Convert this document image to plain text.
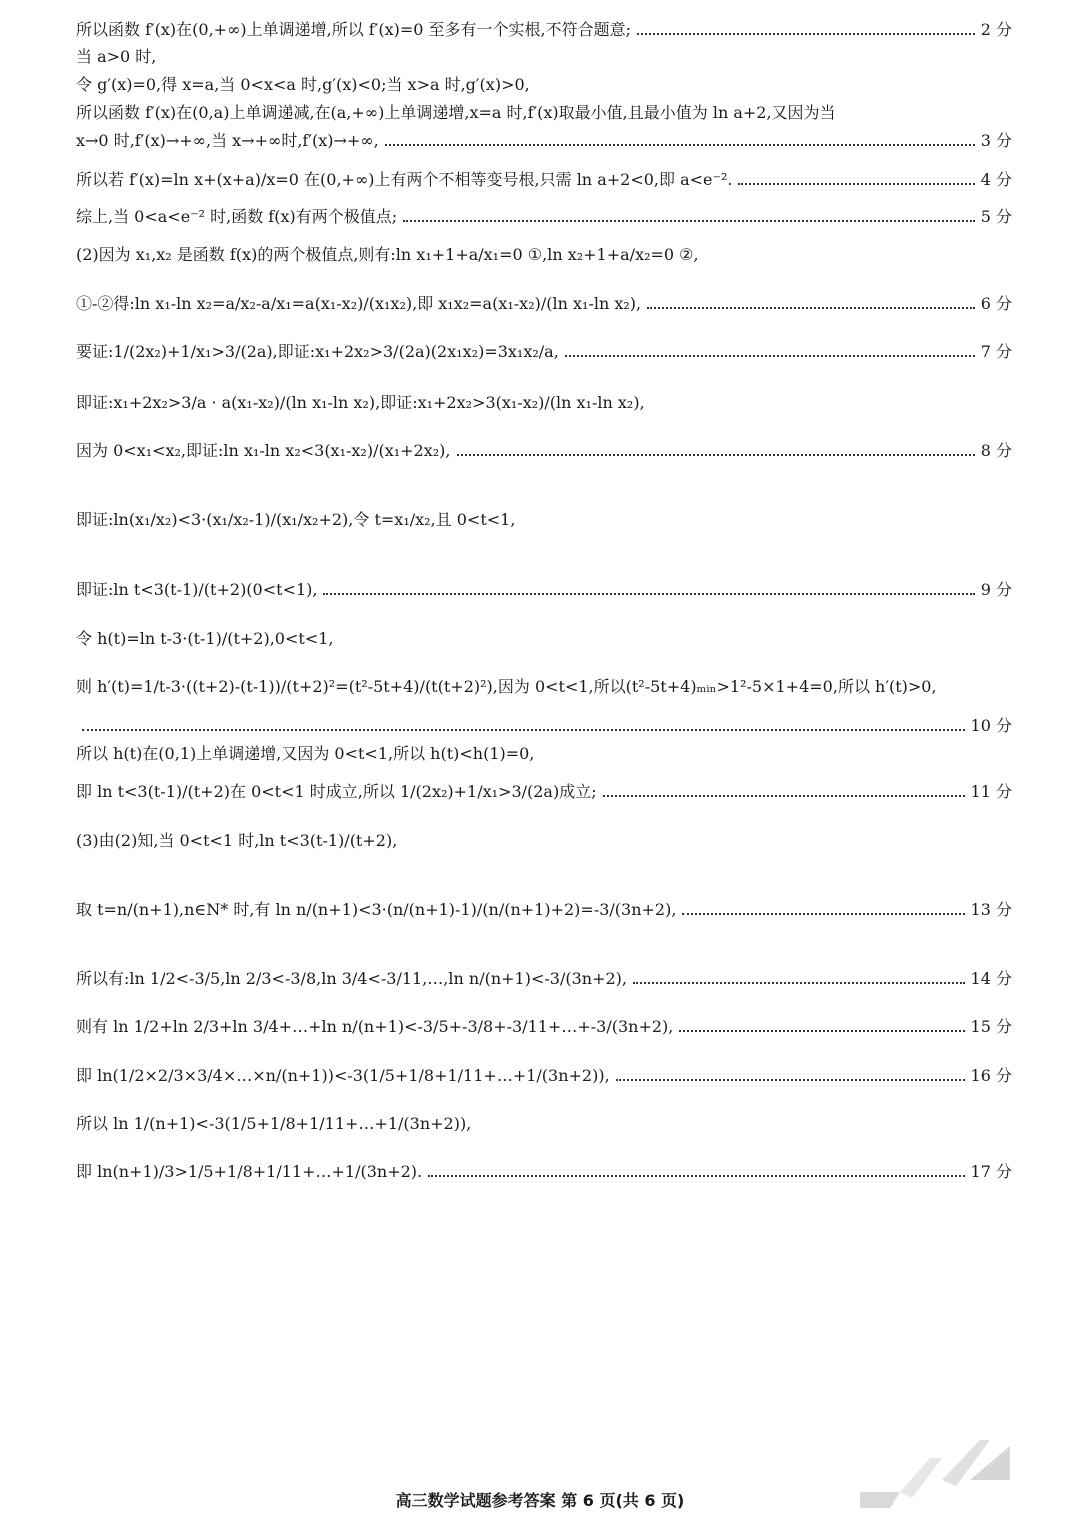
所以函数 f′(x)在(0,+∞)上单调递增,所以 f′(x)=0 至多有一个实根,不符合题意;	2 分
当 a>0 时,
令 g′(x)=0,得 x=a,当 0<x<a 时,g′(x)<0;当 x>a 时,g′(x)>0,
所以函数 f′(x)在(0,a)上单调递减,在(a,+∞)上单调递增,x=a 时,f′(x)取最小值,且最小值为 ln a+2,又因为当
x→0 时,f′(x)→+∞,当 x→+∞时,f′(x)→+∞,	3 分
所以若 f′(x)=ln x+(x+a)/x=0 在(0,+∞)上有两个不相等变号根,只需 ln a+2<0,即 a<e⁻².	4 分
综上,当 0<a<e⁻² 时,函数 f(x)有两个极值点;	5 分
(2)因为 x₁,x₂ 是函数 f(x)的两个极值点,则有:ln x₁+1+a/x₁=0 ①,ln x₂+1+a/x₂=0 ②,
①-②得:ln x₁-ln x₂=a/x₂-a/x₁=a(x₁-x₂)/(x₁x₂),即 x₁x₂=a(x₁-x₂)/(ln x₁-ln x₂),	6 分
要证:1/(2x₂)+1/x₁>3/(2a),即证:x₁+2x₂>3/(2a)(2x₁x₂)=3x₁x₂/a,	7 分
即证:x₁+2x₂>3/a · a(x₁-x₂)/(ln x₁-ln x₂),即证:x₁+2x₂>3(x₁-x₂)/(ln x₁-ln x₂),
因为 0<x₁<x₂,即证:ln x₁-ln x₂<3(x₁-x₂)/(x₁+2x₂),	8 分
即证:ln(x₁/x₂)<3·(x₁/x₂-1)/(x₁/x₂+2),令 t=x₁/x₂,且 0<t<1,
即证:ln t<3(t-1)/(t+2)(0<t<1),	9 分
令 h(t)=ln t-3·(t-1)/(t+2),0<t<1,
则 h′(t)=1/t-3·((t+2)-(t-1))/(t+2)²=(t²-5t+4)/(t(t+2)²),因为 0<t<1,所以(t²-5t+4)ₘᵢₙ>1²-5×1+4=0,所以 h′(t)>0,
10 分
所以 h(t)在(0,1)上单调递增,又因为 0<t<1,所以 h(t)<h(1)=0,
即 ln t<3(t-1)/(t+2)在 0<t<1 时成立,所以 1/(2x₂)+1/x₁>3/(2a)成立;	11 分
(3)由(2)知,当 0<t<1 时,ln t<3(t-1)/(t+2),
取 t=n/(n+1),n∈N* 时,有 ln n/(n+1)<3·(n/(n+1)-1)/(n/(n+1)+2)=-3/(3n+2),	13 分
所以有:ln 1/2<-3/5,ln 2/3<-3/8,ln 3/4<-3/11,…,ln n/(n+1)<-3/(3n+2),	14 分
则有 ln 1/2+ln 2/3+ln 3/4+…+ln n/(n+1)<-3/5+-3/8+-3/11+…+-3/(3n+2),	15 分
即 ln(1/2×2/3×3/4×…×n/(n+1))<-3(1/5+1/8+1/11+…+1/(3n+2)),	16 分
所以 ln 1/(n+1)<-3(1/5+1/8+1/11+…+1/(3n+2)),
即 ln(n+1)/3>1/5+1/8+1/11+…+1/(3n+2).	17 分
高三数学试题参考答案 第 6 页(共 6 页)
